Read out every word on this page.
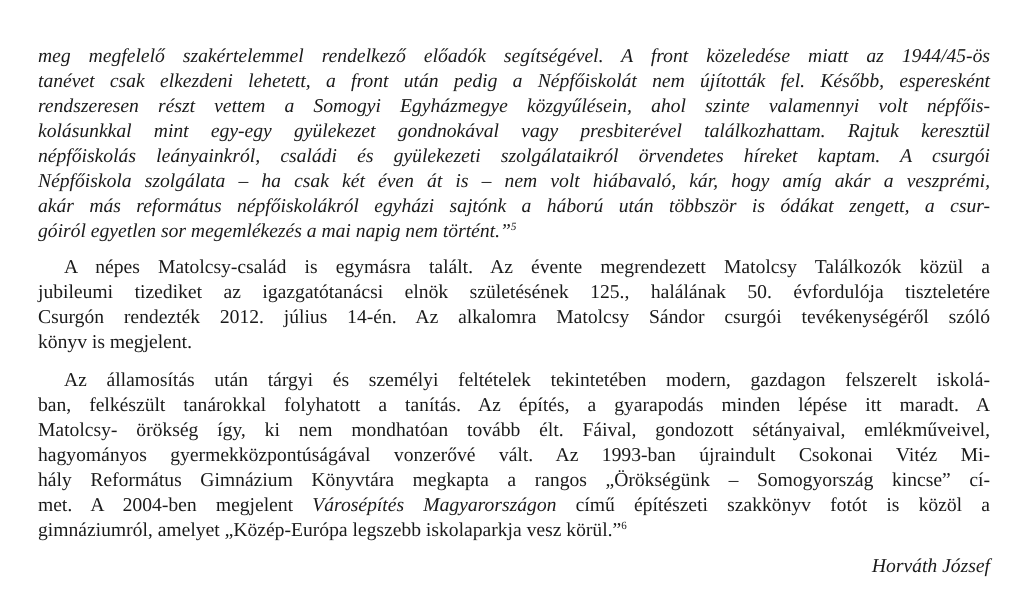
meg megfelelő szakértelemmel rendelkező előadók segítségével. A front közeledése miatt az 1944/45-ös
tanévet csak elkezdeni lehetett, a front után pedig a Népfőiskolát nem újították fel. Később, esperesként
rendszeresen részt vettem a Somogyi Egyházmegye közgyűlésein, ahol szinte valamennyi volt népfőis-
kolásunkkal mint egy-egy gyülekezet gondnokával vagy presbiterével találkozhattam. Rajtuk keresztül
népfőiskolás leányainkról, családi és gyülekezeti szolgálataikról örvendetes híreket kaptam. A csurgói
Népfőiskola szolgálata – ha csak két éven át is – nem volt hiábavaló, kár, hogy amíg akár a veszprémi,
akár más református népfőiskolákról egyházi sajtónk a háború után többször is ódákat zengett, a csur-
góiról egyetlen sor megemlékezés a mai napig nem történt.”$^5$
A népes Matolcsy-család is egymásra talált. Az évente megrendezett Matolcsy Találkozók közül a
jubileumi tizediket az igazgatótanácsi elnök születésének 125., halálának 50. évfordulója tiszteletére
Csurgón rendezték 2012. július 14-én. Az alkalomra Matolcsy Sándor csurgói tevékenységéről szóló
könyv is megjelent.
Az államosítás után tárgyi és személyi feltételek tekintetében modern, gazdagon felszerelt iskolá-
ban, felkészült tanárokkal folyhatott a tanítás. Az építés, a gyarapodás minden lépése itt maradt. A
Matolcsy- örökség így, ki nem mondhatóan tovább élt. Fáival, gondozott sétányaival, emlékműveivel,
hagyományos gyermekközpontúságával vonzerővé vált. Az 1993-ban újraindult Csokonai Vitéz Mi-
hály Református Gimnázium Könyvtára megkapta a rangos „Örökségünk – Somogyország kincse” cí-
met. A 2004-ben megjelent Városépítés Magyarországon című építészeti szakkönyv fotót is közöl a
gimnáziumról, amelyet „Közép-Európa legszebb iskolaparkja vesz körül.”$^6$
Horváth József
